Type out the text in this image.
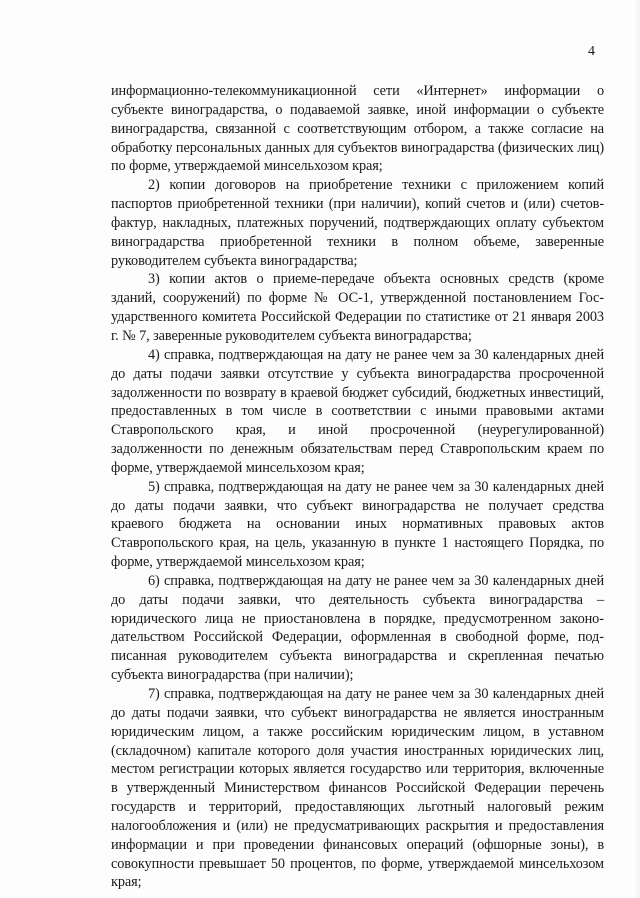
4

информационно-телекоммуникационной сети «Интернет» информации о субъекте виноградарства, о подаваемой заявке, иной информации о субъекте виноградарства, связанной с соответствующим отбором, а также согласие на обработку персональных данных для субъектов виноградарства (физических лиц) по форме, утверждаемой минсельхозом края;

2) копии договоров на приобретение техники с приложением копий паспортов приобретенной техники (при наличии), копий счетов и (или) счетов-фактур, накладных, платежных поручений, подтверждающих оплату субъектом виноградарства приобретенной техники в полном объеме, заверенные руководителем субъекта виноградарства;

3) копии актов о приеме-передаче объекта основных средств (кроме зданий, сооружений) по форме № ОС-1, утвержденной постановлением Государственного комитета Российской Федерации по статистике от 21 января 2003 г. № 7, заверенные руководителем субъекта виноградарства;

4) справка, подтверждающая на дату не ранее чем за 30 календарных дней до даты подачи заявки отсутствие у субъекта виноградарства просроченной задолженности по возврату в краевой бюджет субсидий, бюджетных инвестиций, предоставленных в том числе в соответствии с иными правовыми актами Ставропольского края, и иной просроченной (неурегулированной) задолженности по денежным обязательствам перед Ставропольским краем по форме, утверждаемой минсельхозом края;

5) справка, подтверждающая на дату не ранее чем за 30 календарных дней до даты подачи заявки, что субъект виноградарства не получает средства краевого бюджета на основании иных нормативных правовых актов Ставропольского края, на цель, указанную в пункте 1 настоящего Порядка, по форме, утверждаемой минсельхозом края;

6) справка, подтверждающая на дату не ранее чем за 30 календарных дней до даты подачи заявки, что деятельность субъекта виноградарства – юридического лица не приостановлена в порядке, предусмотренном законодательством Российской Федерации, оформленная в свободной форме, подписанная руководителем субъекта виноградарства и скрепленная печатью субъекта виноградарства (при наличии);

7) справка, подтверждающая на дату не ранее чем за 30 календарных дней до даты подачи заявки, что субъект виноградарства не является иностранным юридическим лицом, а также российским юридическим лицом, в уставном (складочном) капитале которого доля участия иностранных юридических лиц, местом регистрации которых является государство или территория, включенные в утвержденный Министерством финансов Российской Федерации перечень государств и территорий, предоставляющих льготный налоговый режим налогообложения и (или) не предусматривающих раскрытия и предоставления информации и при проведении финансовых операций (офшорные зоны), в совокупности превышает 50 процентов, по форме, утверждаемой минсельхозом края;
